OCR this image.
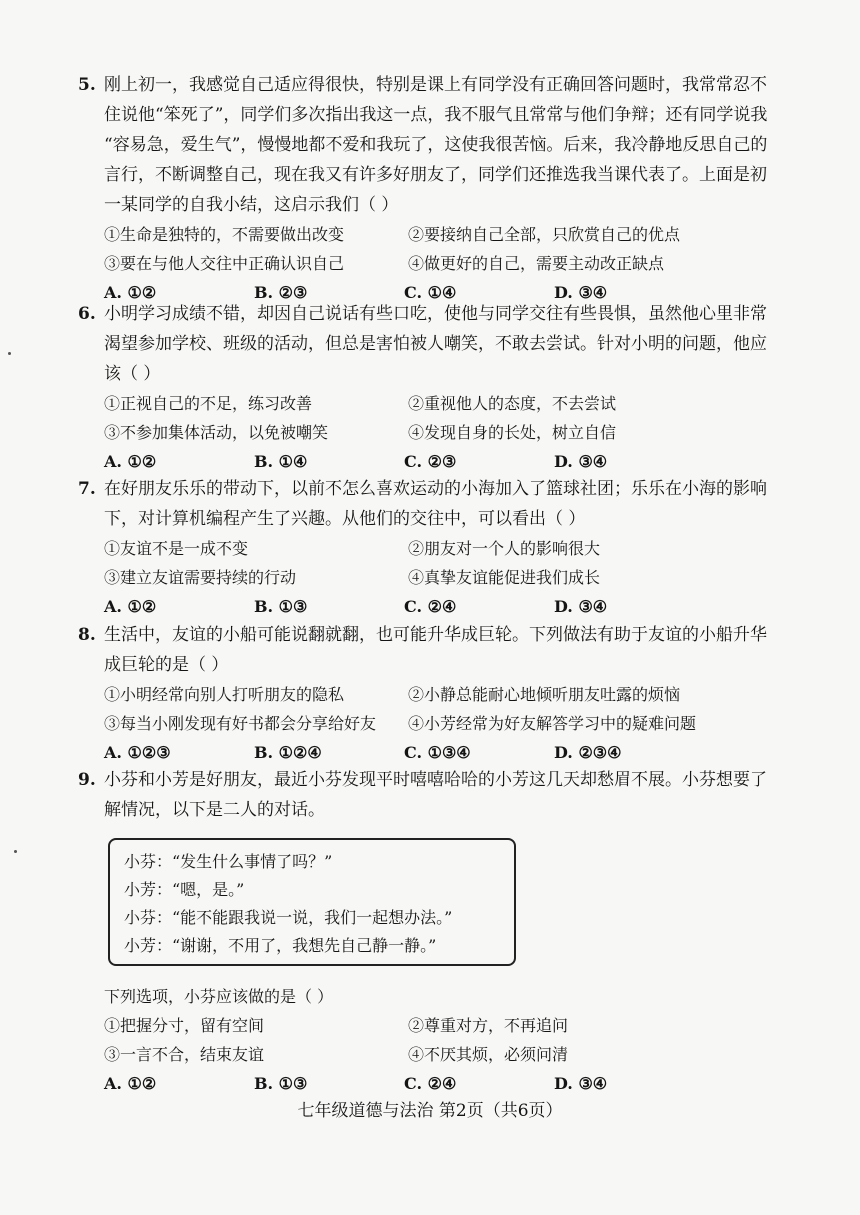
5. 刚上初一，我感觉自己适应得很快，特别是课上有同学没有正确回答问题时，我常常忍不
住说他“笨死了”，同学们多次指出我这一点，我不服气且常常与他们争辩；还有同学说我
“容易急，爱生气”，慢慢地都不爱和我玩了，这使我很苦恼。后来，我冷静地反思自己的
言行，不断调整自己，现在我又有许多好朋友了，同学们还推选我当课代表了。上面是初
一某同学的自我小结，这启示我们（ ）

①生命是独特的，不需要做出改变	②要接纳自己全部，只欣赏自己的优点
③要在与他人交往中正确认识自己	④做更好的自己，需要主动改正缺点
A. ①②	B. ②③	C. ①④	D. ③④

6. 小明学习成绩不错，却因自己说话有些口吃，使他与同学交往有些畏惧，虽然他心里非常
渴望参加学校、班级的活动，但总是害怕被人嘲笑，不敢去尝试。针对小明的问题，他应
该（ ）

①正视自己的不足，练习改善	②重视他人的态度，不去尝试
③不参加集体活动，以免被嘲笑	④发现自身的长处，树立自信
A. ①②	B. ①④	C. ②③	D. ③④

7. 在好朋友乐乐的带动下，以前不怎么喜欢运动的小海加入了篮球社团；乐乐在小海的影响
下，对计算机编程产生了兴趣。从他们的交往中，可以看出（ ）

①友谊不是一成不变	②朋友对一个人的影响很大
③建立友谊需要持续的行动	④真挚友谊能促进我们成长
A. ①②	B. ①③	C. ②④	D. ③④

8. 生活中，友谊的小船可能说翻就翻，也可能升华成巨轮。下列做法有助于友谊的小船升华
成巨轮的是（ ）

①小明经常向别人打听朋友的隐私	②小静总能耐心地倾听朋友吐露的烦恼
③每当小刚发现有好书都会分享给好友	④小芳经常为好友解答学习中的疑难问题
A. ①②③	B. ①②④	C. ①③④	D. ②③④

9. 小芬和小芳是好朋友，最近小芬发现平时嘻嘻哈哈的小芳这几天却愁眉不展。小芬想要了
解情况，以下是二人的对话。

小芬：“发生什么事情了吗？”
小芳：“嗯，是。”
小芬：“能不能跟我说一说，我们一起想办法。”
小芳：“谢谢，不用了，我想先自己静一静。”
下列选项，小芬应该做的是（ ）
①把握分寸，留有空间	②尊重对方，不再追问
③一言不合，结束友谊	④不厌其烦，必须问清
A. ①②	B. ①③	C. ②④	D. ③④
七年级道德与法治 第2页（共6页）
